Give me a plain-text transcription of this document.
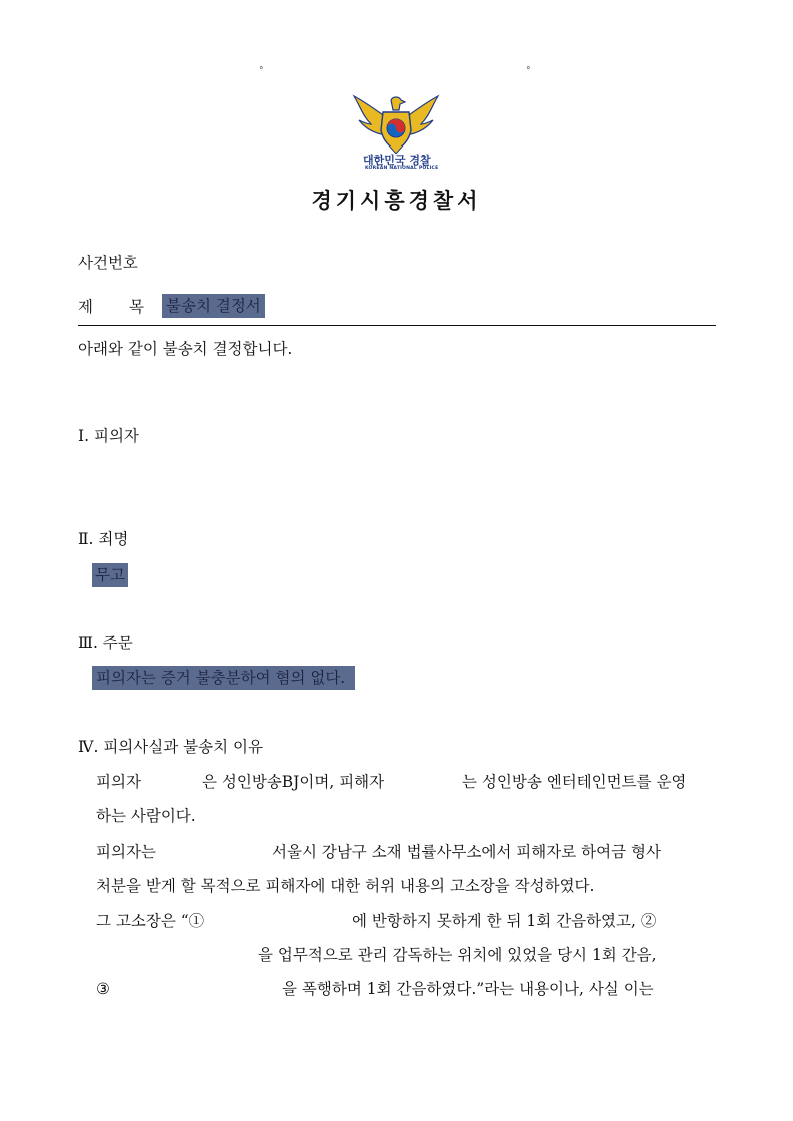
°	°
대한민국 경찰
KOREAN NATIONAL POLICE
경기시흥경찰서
사건번호
제 목 불송치 결정서
아래와 같이 불송치 결정합니다.
Ⅰ. 피의자
Ⅱ. 죄명
무고
Ⅲ. 주문
피의자는 증거 불충분하여 혐의 없다.
Ⅳ. 피의사실과 불송치 이유
피의자	은 성인방송BJ이며, 피해자	는 성인방송 엔터테인먼트를 운영
하는 사람이다.
피의자는	서울시 강남구 소재 법률사무소에서 피해자로 하여금 형사
처분을 받게 할 목적으로 피해자에 대한 허위 내용의 고소장을 작성하였다.
그 고소장은 “①	에 반항하지 못하게 한 뒤 1회 간음하였고, ②
을 업무적으로 관리 감독하는 위치에 있었을 당시 1회 간음,
③	을 폭행하며 1회 간음하였다.”라는 내용이나, 사실 이는
